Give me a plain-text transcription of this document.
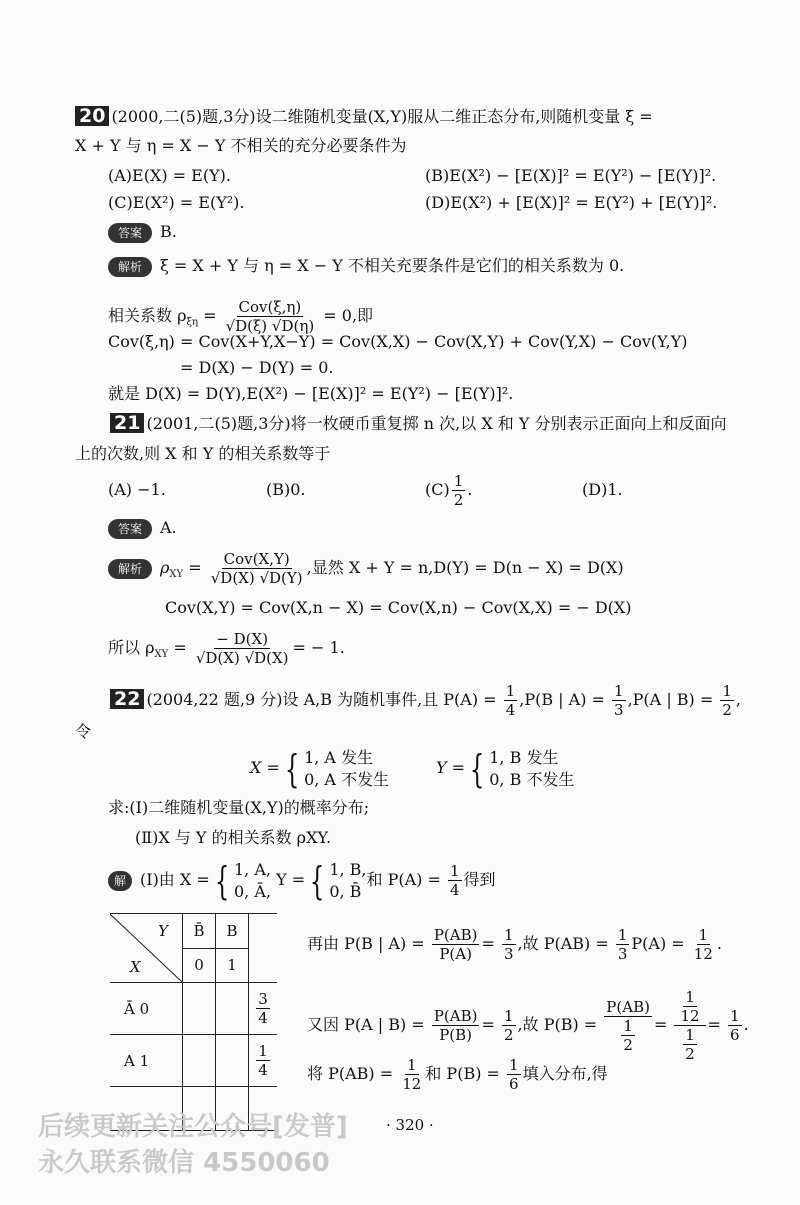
20 (2000,二(5)题,3分)设二维随机变量(X,Y)服从二维正态分布,则随机变量 ξ =
X + Y 与 η = X − Y 不相关的充分必要条件为
(A)E(X) = E(Y).	(B)E(X²) − [E(X)]² = E(Y²) − [E(Y)]².
(C)E(X²) = E(Y²).	(D)E(X²) + [E(X)]² = E(Y²) + [E(Y)]².
答案 B.
解析 ξ = X + Y 与 η = X − Y 不相关充要条件是它们的相关系数为 0.
相关系数 $\rho_{\xi\eta} = \frac{\text{Cov(ξ,η)}}{√D(\xi) √D(\eta)} = 0$,即
Cov(ξ,η) = Cov(X+Y,X−Y) = Cov(X,X) − Cov(X,Y) + Cov(Y,X) − Cov(Y,Y)
= D(X) − D(Y) = 0.
就是 D(X) = D(Y),E(X²) − [E(X)]² = E(Y²) − [E(Y)]².
21 (2001,二(5)题,3分)将一枚硬币重复掷 n 次,以 X 和 Y 分别表示正面向上和反面向
上的次数,则 X 和 Y 的相关系数等于
(A) −1.	(B)0.	$(C) \frac{1}{2}$ .	(D)1.
答案 A.
解析 $\rho_{XY} = \frac{\text{Cov(X,Y)}}{√D(X) √D(Y)}$ ,显然 X + Y = n,D(Y) = D(n − X) = D(X)
Cov(X,Y) = Cov(X,n − X) = Cov(X,n) − Cov(X,X) = − D(X)
所以 $\rho_{XY} = \frac{- D(X)}{√D(X) √D(X)}$ = − 1.
22 (2004,22 题,9 分)设 A,B 为随机事件,且 $P(A) = \frac{1}{4} ,P(B$ | $A) = \frac{1}{3} ,P(A$ | $B) = \frac{1}{2}$ ,
令
X = { 1, A 发生
0, A 不发生
Y = { 1, B 发生
0, B 不发生
求:(Ⅰ)二维随机变量(X,Y)的概率分布;
(Ⅱ)X 与 Y 的相关系数 ρXY.
解 (Ⅰ)由 X = { 1, A,
0, Ā,
Y = { 1, B,
0, B̄
和 $P(A) = \frac{1}{4}$ 得到
Y
X	B̄	B	
	0	1	
Ā 0			$\frac{3}{4}$

A 1			$\frac{1}{4}$

再由 P(B | $A) = \frac{P(AB)}{P(A)} = \frac{1}{3}$ ,故 $P(AB) = \frac{1}{3} P(A) = \frac{1}{12}$ .
又因 P(A | $B) = \frac{P(AB)}{P(B)} = \frac{1}{2}$ ,故 $P(B) = \frac{P(AB)}{\frac{1}{2}} = \frac{\frac{1}{12}}{\frac{1}{2}} = \frac{1}{6}$ .
将 $P(AB) = \frac{1}{12}$ 和 $P(B) = \frac{1}{6}$ 填入分布,得
后续更新关注公众号[发普]
永久联系微信 4550060
· 320 ·
